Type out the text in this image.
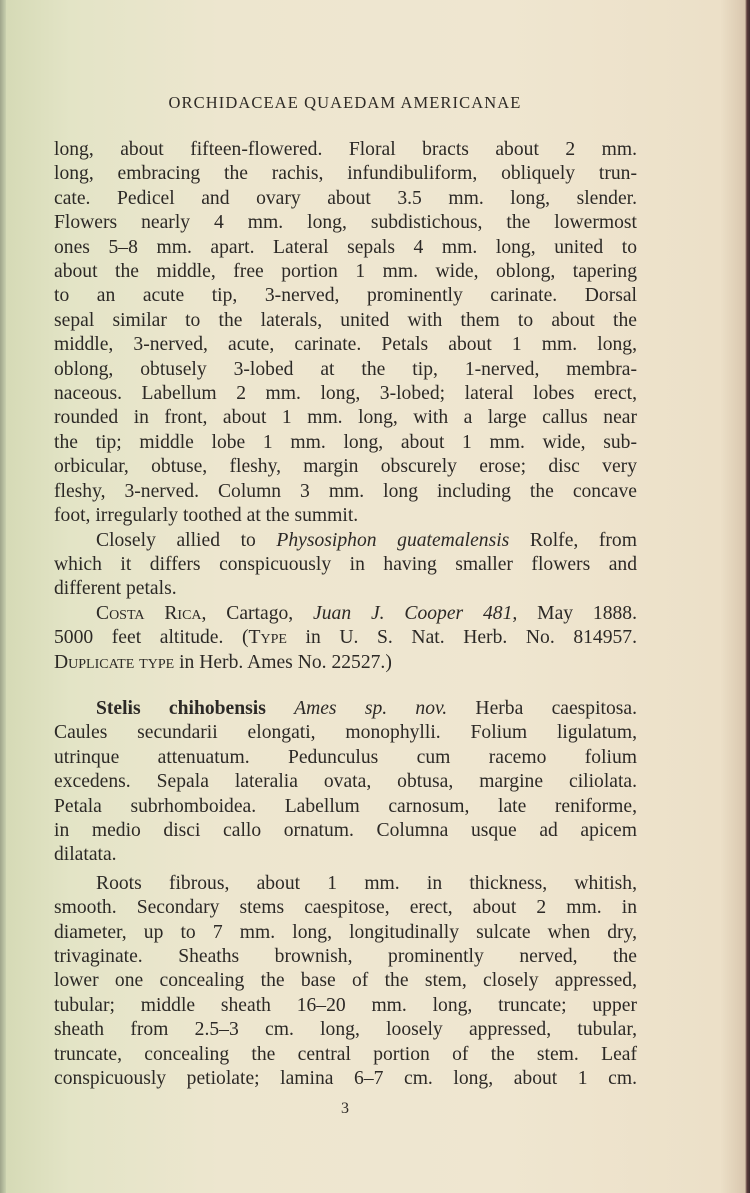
ORCHIDACEAE QUAEDAM AMERICANAE
long, about fifteen-flowered. Floral bracts about 2 mm.
long, embracing the rachis, infundibuliform, obliquely trun-
cate. Pedicel and ovary about 3.5 mm. long, slender.
Flowers nearly 4 mm. long, subdistichous, the lowermost
ones 5–8 mm. apart. Lateral sepals 4 mm. long, united to
about the middle, free portion 1 mm. wide, oblong, tapering
to an acute tip, 3-nerved, prominently carinate. Dorsal
sepal similar to the laterals, united with them to about the
middle, 3-nerved, acute, carinate. Petals about 1 mm. long,
oblong, obtusely 3-lobed at the tip, 1-nerved, membra-
naceous. Labellum 2 mm. long, 3-lobed; lateral lobes erect,
rounded in front, about 1 mm. long, with a large callus near
the tip; middle lobe 1 mm. long, about 1 mm. wide, sub-
orbicular, obtuse, fleshy, margin obscurely erose; disc very
fleshy, 3-nerved. Column 3 mm. long including the concave
foot, irregularly toothed at the summit.
Closely allied to Physosiphon guatemalensis Rolfe, from
which it differs conspicuously in having smaller flowers and
different petals.
Costa Rica, Cartago, Juan J. Cooper 481, May 1888.
5000 feet altitude. (Type in U. S. Nat. Herb. No. 814957.
Duplicate type in Herb. Ames No. 22527.)
Stelis chihobensis Ames sp. nov. Herba caespitosa.
Caules secundarii elongati, monophylli. Folium ligulatum,
utrinque attenuatum. Pedunculus cum racemo folium
excedens. Sepala lateralia ovata, obtusa, margine ciliolata.
Petala subrhomboidea. Labellum carnosum, late reniforme,
in medio disci callo ornatum. Columna usque ad apicem
dilatata.
Roots fibrous, about 1 mm. in thickness, whitish,
smooth. Secondary stems caespitose, erect, about 2 mm. in
diameter, up to 7 mm. long, longitudinally sulcate when dry,
trivaginate. Sheaths brownish, prominently nerved, the
lower one concealing the base of the stem, closely appressed,
tubular; middle sheath 16–20 mm. long, truncate; upper
sheath from 2.5–3 cm. long, loosely appressed, tubular,
truncate, concealing the central portion of the stem. Leaf
conspicuously petiolate; lamina 6–7 cm. long, about 1 cm.
3
